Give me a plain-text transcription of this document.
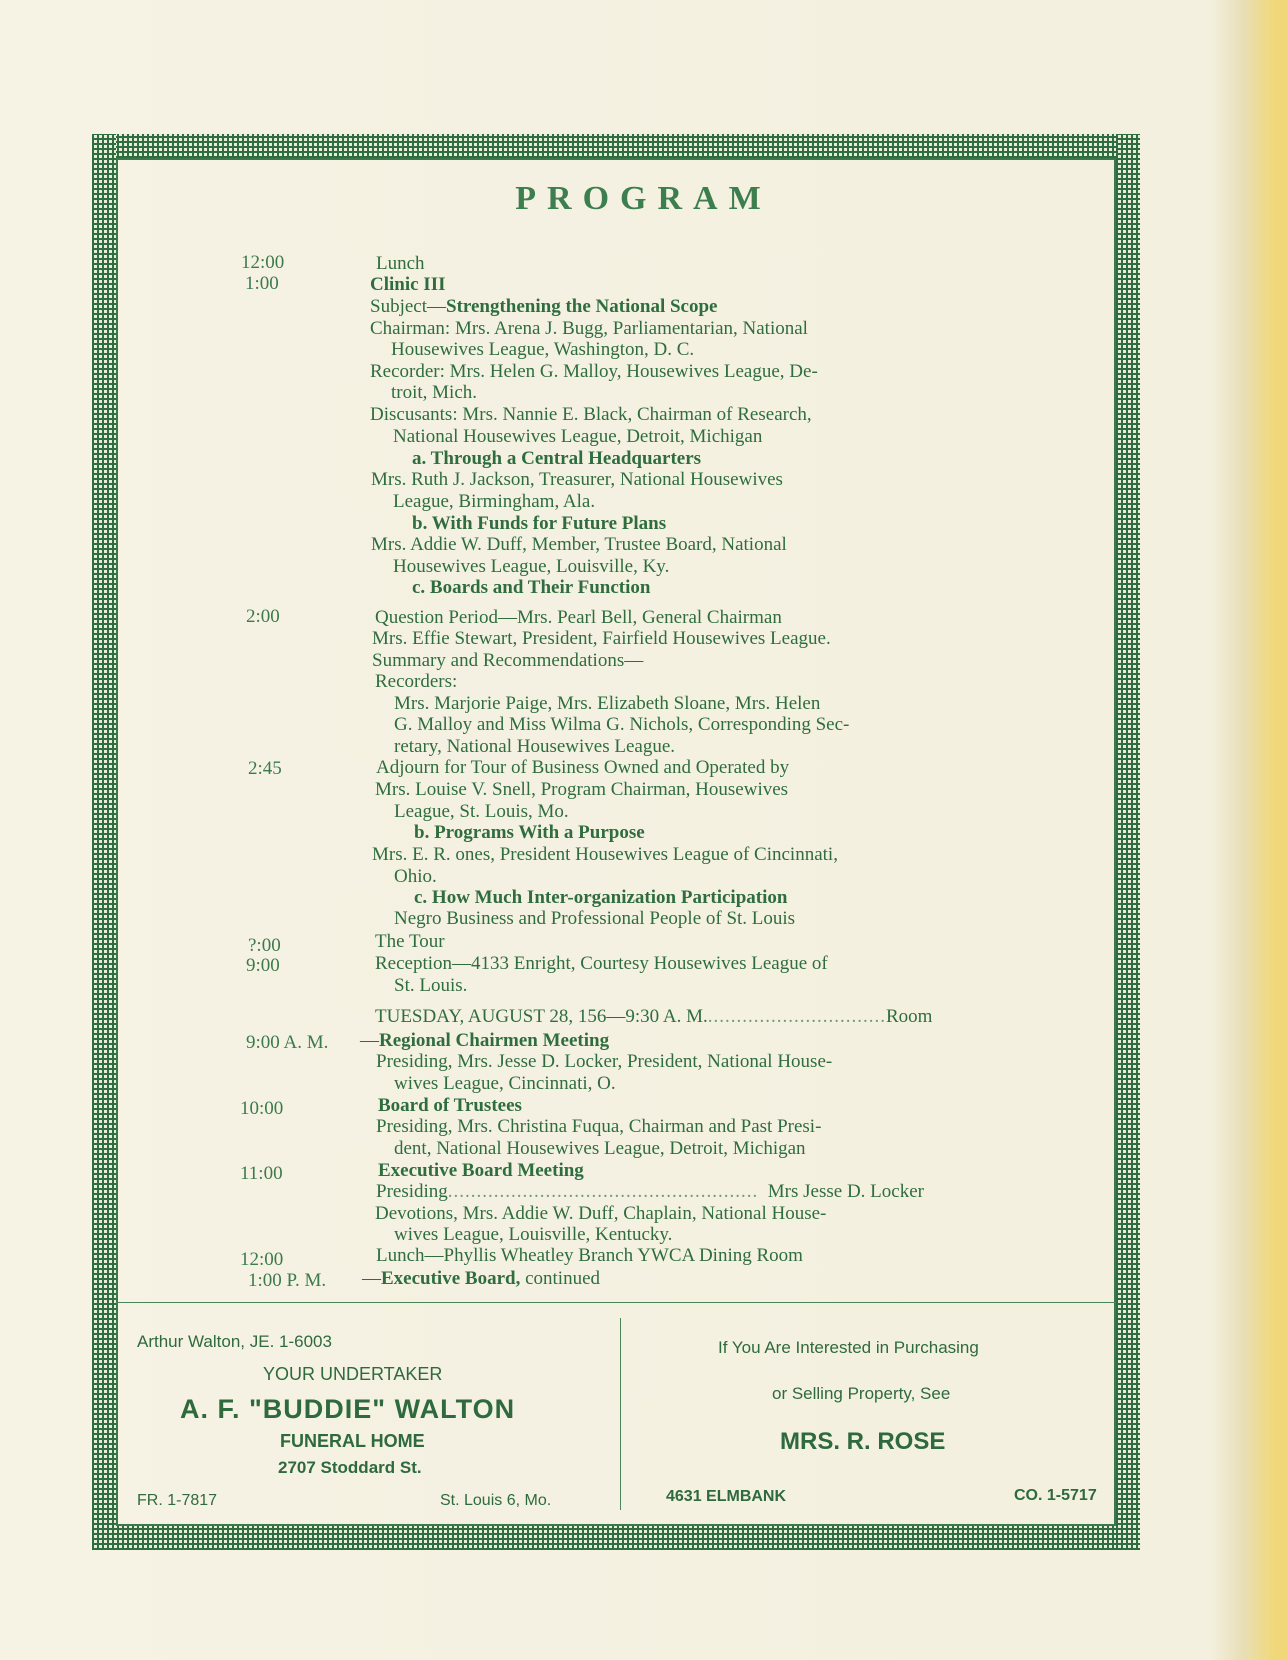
PROGRAM
12:00
1:00
2:00
2:45
?:00
9:00
9:00 A. M.
10:00
11:00
12:00
1:00 P. M.
Lunch
Clinic III
Subject—Strengthening the National Scope
Chairman: Mrs. Arena J. Bugg, Parliamentarian, National
Housewives League, Washington, D. C.
Recorder: Mrs. Helen G. Malloy, Housewives League, De-
troit, Mich.
Discusants: Mrs. Nannie E. Black, Chairman of Research,
National Housewives League, Detroit, Michigan
a. Through a Central Headquarters
Mrs. Ruth J. Jackson, Treasurer, National Housewives
League, Birmingham, Ala.
b. With Funds for Future Plans
Mrs. Addie W. Duff, Member, Trustee Board, National
Housewives League, Louisville, Ky.
c. Boards and Their Function
Question Period—Mrs. Pearl Bell, General Chairman
Mrs. Effie Stewart, President, Fairfield Housewives League.
Summary and Recommendations—
Recorders:
Mrs. Marjorie Paige, Mrs. Elizabeth Sloane, Mrs. Helen
G. Malloy and Miss Wilma G. Nichols, Corresponding Sec-
retary, National Housewives League.
Adjourn for Tour of Business Owned and Operated by
Mrs. Louise V. Snell, Program Chairman, Housewives
League, St. Louis, Mo.
b. Programs With a Purpose
Mrs. E. R. ones, President Housewives League of Cincinnati,
Ohio.
c. How Much Inter-organization Participation
Negro Business and Professional People of St. Louis
The Tour
Reception—4133 Enright, Courtesy Housewives League of
St. Louis.
TUESDAY, AUGUST 28, 156—9:30 A. M................................Room
—Regional Chairmen Meeting
Presiding, Mrs. Jesse D. Locker, President, National House-
wives League, Cincinnati, O.
Board of Trustees
Presiding, Mrs. Christina Fuqua, Chairman and Past Presi-
dent, National Housewives League, Detroit, Michigan
Executive Board Meeting
Presiding...................................................... Mrs Jesse D. Locker
Devotions, Mrs. Addie W. Duff, Chaplain, National House-
wives League, Louisville, Kentucky.
Lunch—Phyllis Wheatley Branch YWCA Dining Room
—Executive Board, continued
Arthur Walton, JE. 1-6003
YOUR UNDERTAKER
A. F. "BUDDIE" WALTON
FUNERAL HOME
2707 Stoddard St.
FR. 1-7817	St. Louis 6, Mo.
If You Are Interested in Purchasing
or Selling Property, See
MRS. R. ROSE
4631 ELMBANK	CO. 1-5717
